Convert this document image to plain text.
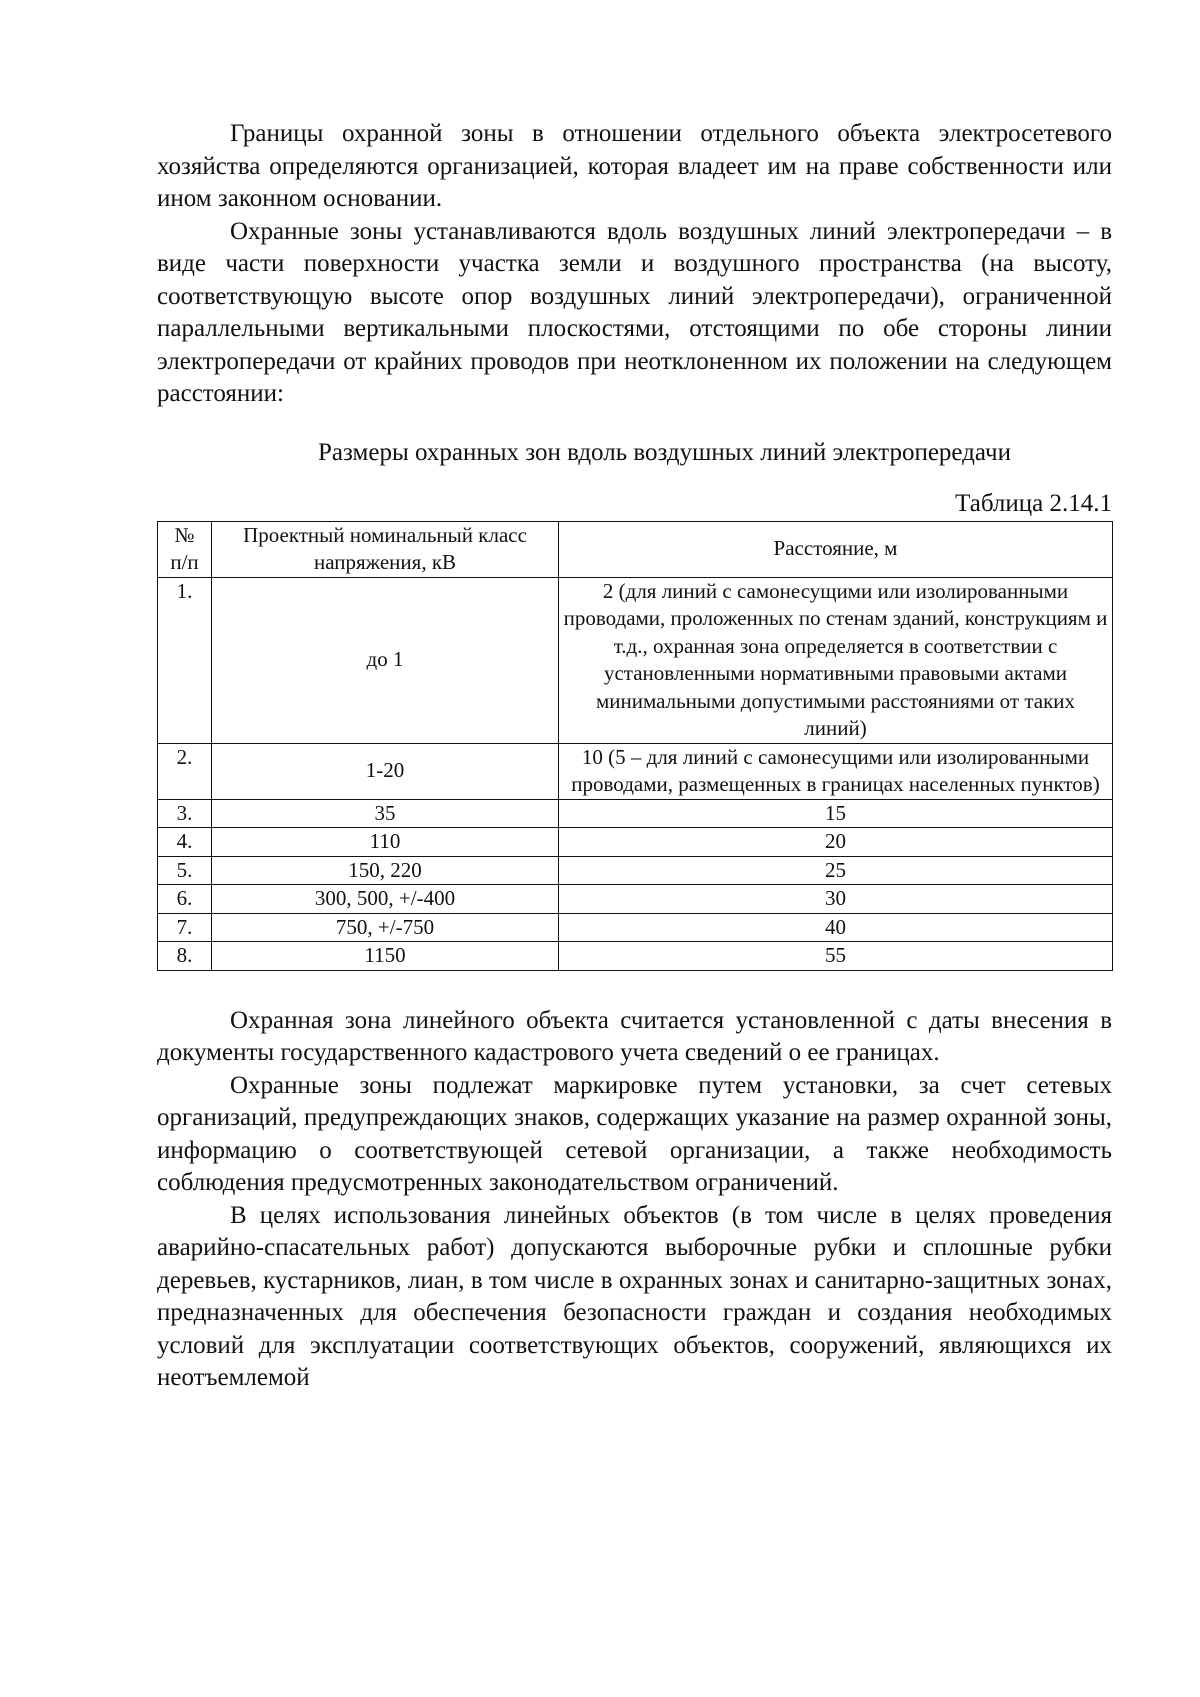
Границы охранной зоны в отношении отдельного объекта электросетевого хозяйства определяются организацией, которая владеет им на праве собственности или ином законном основании.

Охранные зоны устанавливаются вдоль воздушных линий электропередачи – в виде части поверхности участка земли и воздушного пространства (на высоту, соответствующую высоте опор воздушных линий электропередачи), ограниченной параллельными вертикальными плоскостями, отстоящими по обе стороны линии электропередачи от крайних проводов при неотклоненном их положении на следующем расстоянии:

Размеры охранных зон вдоль воздушных линий электропередачи
Таблица 2.14.1
№ п/п	Проектный номинальный класс напряжения, кВ	Расстояние, м
1.	до 1	2 (для линий с самонесущими или изолированными проводами, проложенных по стенам зданий, конструкциям и т.д., охранная зона определяется в соответствии с установленными нормативными правовыми актами минимальными допустимыми расстояниями от таких линий)
2.	1-20	10 (5 – для линий с самонесущими или изолированными проводами, размещенных в границах населенных пунктов)
3.	35	15
4.	110	20
5.	150, 220	25
6.	300, 500, +/-400	30
7.	750, +/-750	40
8.	1150	55

Охранная зона линейного объекта считается установленной с даты внесения в документы государственного кадастрового учета сведений о ее границах.

Охранные зоны подлежат маркировке путем установки, за счет сетевых организаций, предупреждающих знаков, содержащих указание на размер охранной зоны, информацию о соответствующей сетевой организации, а также необходимость соблюдения предусмотренных законодательством ограничений.

В целях использования линейных объектов (в том числе в целях проведения аварийно-спасательных работ) допускаются выборочные рубки и сплошные рубки деревьев, кустарников, лиан, в том числе в охранных зонах и санитарно-защитных зонах, предназначенных для обеспечения безопасности граждан и создания необходимых условий для эксплуатации соответствующих объектов, сооружений, являющихся их неотъемлемой
